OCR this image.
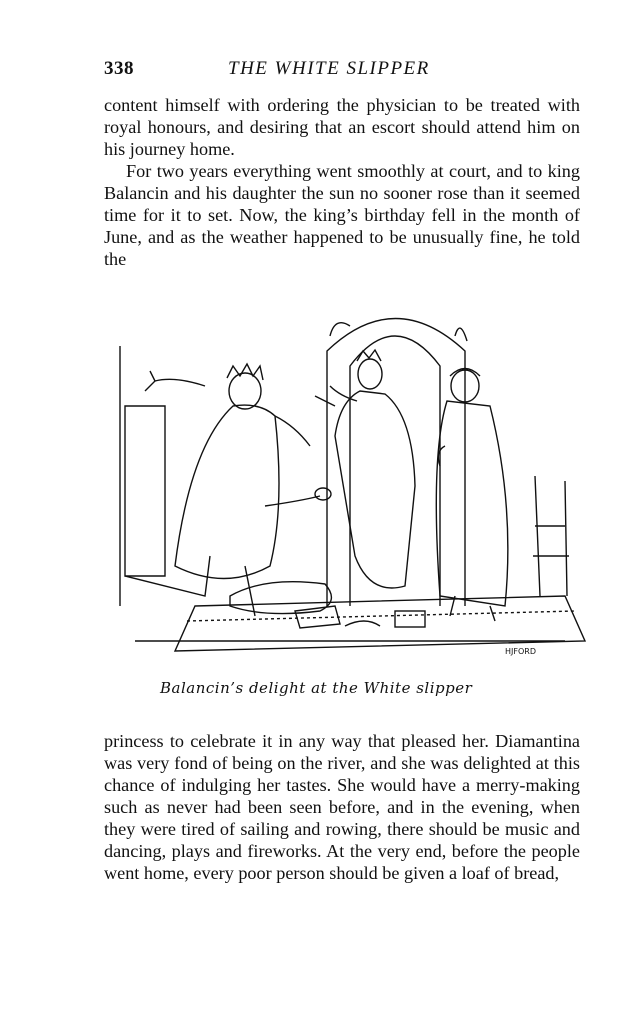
338	THE WHITE SLIPPER
content himself with ordering the physician to be treated with royal honours, and desiring that an escort should attend him on his journey home.
For two years everything went smoothly at court, and to king Balancin and his daughter the sun no sooner rose than it seemed time for it to set. Now, the king’s birthday fell in the month of June, and as the weather happened to be unusually fine, he told the
HJFORD
Balancin’s delight at the White slipper
princess to celebrate it in any way that pleased her. Diamantina was very fond of being on the river, and she was delighted at this chance of indulging her tastes. She would have a merry-making such as never had been seen before, and in the evening, when they were tired of sailing and rowing, there should be music and dancing, plays and fireworks. At the very end, before the people went home, every poor person should be given a loaf of bread,
